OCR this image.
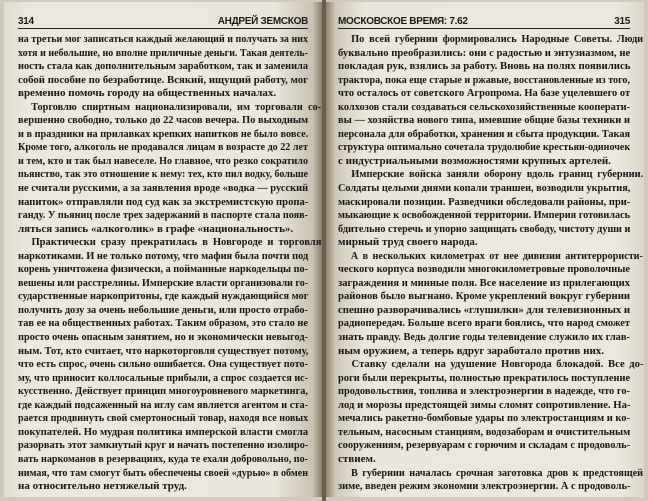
314	АНДРЕЙ ЗЕМСКОВ
на третьи мог записаться каждый желающий и получать за них
хотя и небольшие, но вполне приличные деньги. Такая деятель-
ность стала как дополнительным заработком, так и заменила
собой пособие по безработице. Всякий, ищущий работу, мог
временно помочь городу на общественных началах.
Торговлю спиртным национализировали, им торговали со-
вершенно свободно, только до 22 часов вечера. По выходным
и в праздники на прилавках крепких напитков не было вовсе.
Кроме того, алкоголь не продавался лицам в возрасте до 22 лет
и тем, кто и так был навеселе. Но главное, что резко сократило
пьянство, так это отношение к нему: тех, кто пил водку, больше
не считали русскими, а за заявления вроде «водка — русский
напиток» отправляли под суд как за экстремистскую пропа-
ганду. У пьяниц после трех задержаний в паспорте стала появ-
ляться запись «алкоголик» в графе «национальность».
Практически сразу прекратилась в Новгороде и торговля
наркотиками. И не только потому, что мафия была почти под
корень уничтожена физически, а пойманные наркодельцы по-
вешены или расстреляны. Имперские власти организовали го-
сударственные наркопритоны, где каждый нуждающийся мог
получить дозу за очень небольшие деньги, или просто отрабо-
тав ее на общественных работах. Таким образом, это стало не
просто очень опасным занятием, но и экономически невыгод-
ным. Тот, кто считает, что наркоторговля существует потому,
что есть спрос, очень сильно ошибается. Она существует пото-
му, что приносит коллосальные прибыли, а спрос создается ис-
кусственно. Действует принцип многоуровневого маркетинга,
где каждый подсаженный на иглу сам является агентом и ста-
рается продвинуть свой смертоносный товар, находя все новых
покупателей. Но мудрая политика имперской власти смогла
разорвать этот замкнутый круг и начать постепенно изолиро-
вать наркоманов в резервациях, куда те ехали добровольно, по-
нимая, что там смогут быть обеспечены своей «дурью» в обмен
на относительно нетяжелый труд.
МОСКОВСКОЕ ВРЕМЯ: 7.62	315
По всей губернии формировались Народные Советы. Люди
буквально преобразились: они с радостью и энтузиазмом, не
покладая рук, взялись за работу. Вновь на полях появились
трактора, пока еще старые и ржавые, восстановленные из того,
что осталось от советского Агропрома. На базе уцелевшего от
колхозов стали создаваться сельскохозяйственные кооперати-
вы — хозяйства нового типа, имевшие общие базы техники и
персонала для обработки, хранения и сбыта продукции. Такая
структура оптимально сочетала трудолюбие крестьян-одиночек
с индустриальными возможностями крупных артелей.
Имперские войска заняли оборону вдоль границ губернии.
Солдаты целыми днями копали траншеи, возводили укрытия,
маскировали позиции. Разведчики обследовали районы, при-
мыкающие к освобожденной территории. Империя готовилась
бдительно стеречь и упорно защищать свободу, чистоту души и
мирный труд своего народа.
А в нескольких километрах от нее дивизии антитеррористи-
ческого корпуса возводили многокилометровые проволочные
заграждения и минные поля. Все население из прилегающих
районов было выгнано. Кроме укреплений вокруг губернии
спешно разворачивались «глушилки» для телевизионных и
радиопередач. Больше всего враги боялись, что народ сможет
знать правду. Ведь долгие годы телевидение служило их глав-
ным оружием, а теперь вдруг заработало против них.
Ставку сделали на удушение Новгорода блокадой. Все до-
роги были перекрыты, полностью прекратилось поступление
продовольствия, топлива и электроэнергии в надежде, что го-
лод и морозы предстоящей зимы сломят сопротивление. На-
мечались ракетно-бомбовые удары по электростанциям и ко-
тельным, насосным станциям, водозаборам и очистительным
сооружениям, резервуарам с горючим и складам с продоволь-
ствием.
В губернии началась срочная заготовка дров к предстоящей
зиме, введен режим экономии электроэнергии. А с продоволь-
